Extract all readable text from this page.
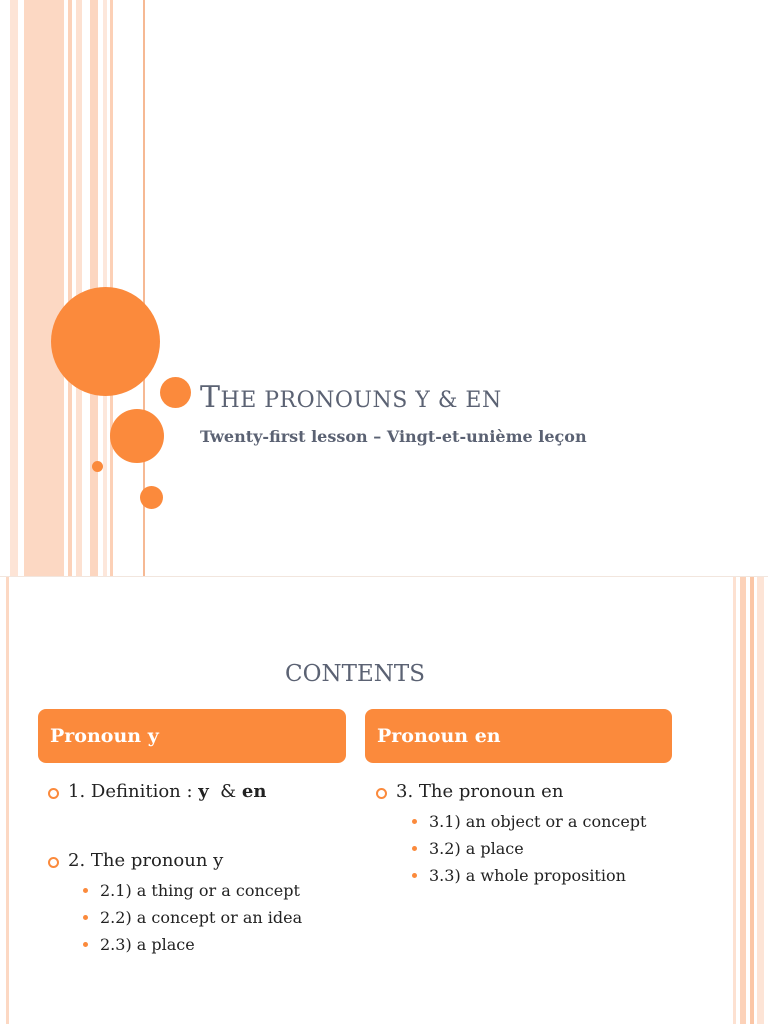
THE PRONOUNS Y & EN
Twenty-first lesson – Vingt-et-unième leçon
CONTENTS
Pronoun y	Pronoun en
1. Definition : y  & en
2. The pronoun y
2.1) a thing or a concept
2.2) a concept or an idea
2.3) a place
3. The pronoun en
3.1) an object or a concept
3.2) a place
3.3) a whole proposition
